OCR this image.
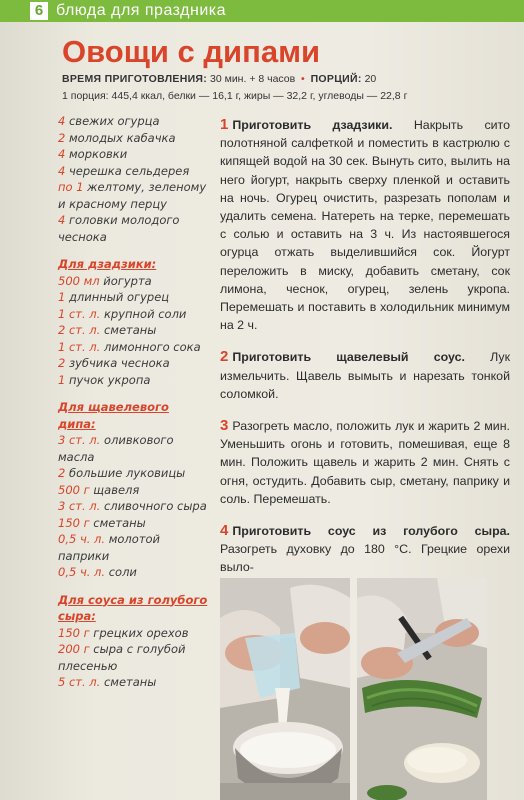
6 блюда для праздника
Овощи с дипами
ВРЕМЯ ПРИГОТОВЛЕНИЯ: 30 мин. + 8 часов  •  ПОРЦИЙ: 20
1 порция: 445,4 ккал, белки — 16,1 г, жиры — 32,2 г, углеводы — 22,8 г
4 свежих огурца
2 молодых кабачка
4 морковки
4 черешка сельдерея
по 1 желтому, зеленому и красному перцу
4 головки молодого чеснока
Для дзадзики:
500 мл йогурта
1 длинный огурец
1 ст. л. крупной соли
2 ст. л. сметаны
1 ст. л. лимонного сока
2 зубчика чеснока
1 пучок укропа
Для щавелевого дипа:
3 ст. л. оливкового масла
2 большие луковицы
500 г щавеля
3 ст. л. сливочного сыра
150 г сметаны
0,5 ч. л. молотой паприки
0,5 ч. л. соли
Для соуса из голубого сыра:
150 г грецких орехов
200 г сыра с голубой плесенью
5 ст. л. сметаны

1 Приготовить дзадзики. Накрыть сито полотняной салфеткой и поместить в кастрюлю с кипящей водой на 30 сек. Вынуть сито, вылить на него йогурт, накрыть сверху пленкой и оставить на ночь. Огурец очистить, разрезать пополам и удалить семена. Натереть на терке, перемешать с солью и оставить на 3 ч. Из настоявшегося огурца отжать выделившийся сок. Йогурт переложить в миску, добавить сметану, сок лимона, чеснок, огурец, зелень укропа. Перемешать и поставить в холодильник минимум на 2 ч.

2 Приготовить щавелевый соус. Лук измельчить. Щавель вымыть и нарезать тонкой соломкой.

3 Разогреть масло, положить лук и жарить 2 мин. Уменьшить огонь и готовить, помешивая, еще 8 мин. Положить щавель и жарить 2 мин. Снять с огня, остудить. Добавить сыр, сметану, паприку и соль. Перемешать.

4 Приготовить соус из голубого сыра. Разогреть духовку до 180 °С. Грецкие орехи выло-
